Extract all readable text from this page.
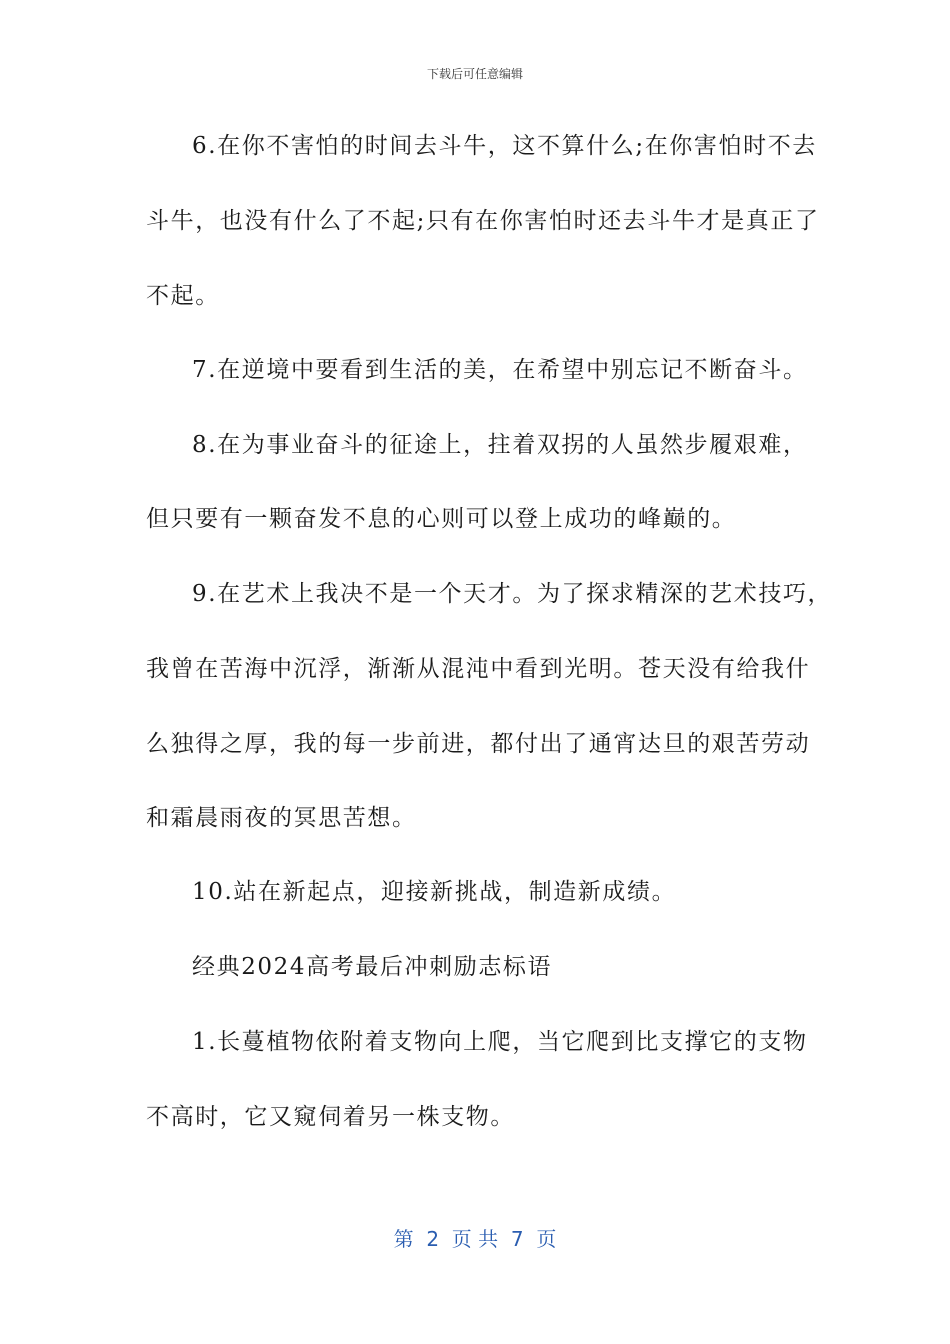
下载后可任意编辑
6.在你不害怕的时间去斗牛，这不算什么;在你害怕时不去
斗牛，也没有什么了不起;只有在你害怕时还去斗牛才是真正了
不起。
7.在逆境中要看到生活的美，在希望中别忘记不断奋斗。
8.在为事业奋斗的征途上，拄着双拐的人虽然步履艰难，
但只要有一颗奋发不息的心则可以登上成功的峰巅的。
9.在艺术上我决不是一个天才。为了探求精深的艺术技巧，
我曾在苦海中沉浮，渐渐从混沌中看到光明。苍天没有给我什
么独得之厚，我的每一步前进，都付出了通宵达旦的艰苦劳动
和霜晨雨夜的冥思苦想。
10.站在新起点，迎接新挑战，制造新成绩。
经典2024高考最后冲刺励志标语
1.长蔓植物依附着支物向上爬，当它爬到比支撑它的支物
不高时，它又窥伺着另一株支物。
第  2  页 共  7  页
